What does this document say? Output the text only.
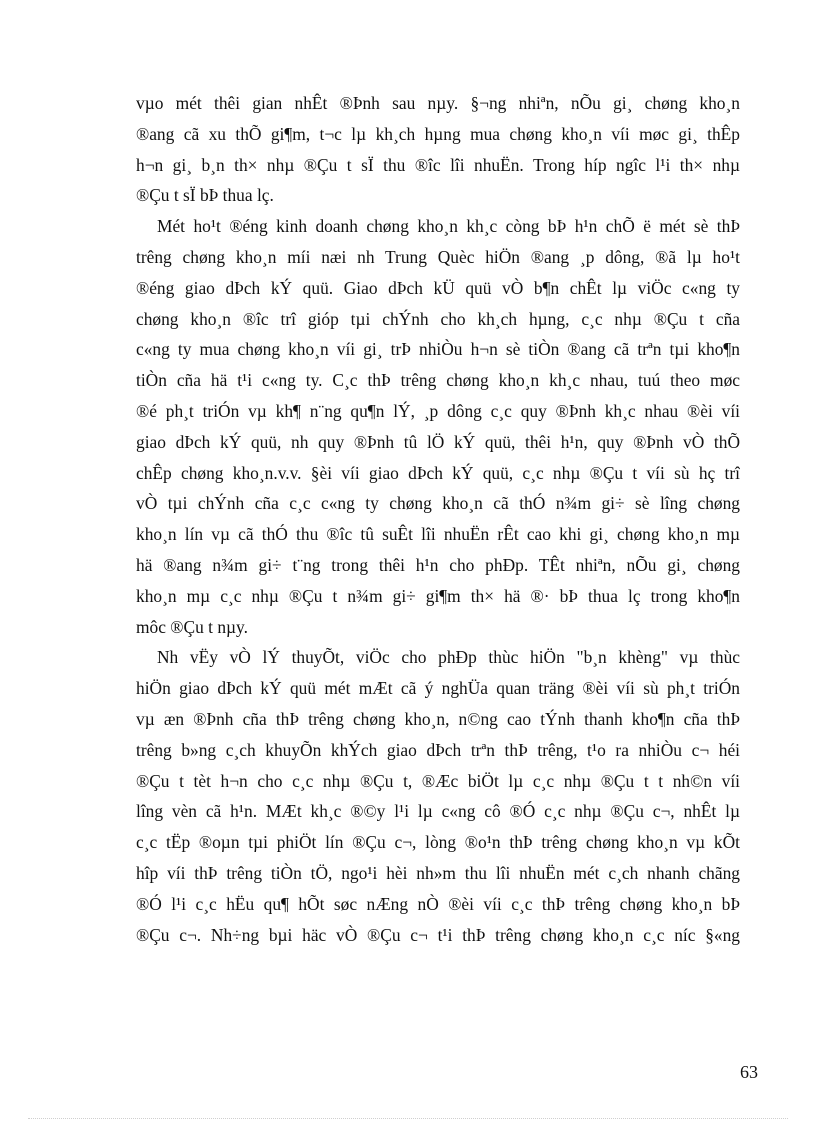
vµo mét thêi gian nhÊt ®Þnh sau nµy. §¬ng nhiªn, nÕu gi¸ chøng kho¸n
®ang cã xu thÕ gi¶m, t¬c lµ kh¸ch hµng mua chøng kho¸n víi møc gi¸ thÊp
h¬n gi¸ b¸n th× nhµ ®Çu t sÏ thu ®îc lîi nhuËn. Trong híp ngîc l¹i th× nhµ
®Çu t sÏ bÞ thua lç.
Mét ho¹t ®éng kinh doanh chøng kho¸n kh¸c còng bÞ h¹n chÕ ë mét sè thÞ
trêng chøng kho¸n míi næi nh Trung Quèc hiÖn ®ang ¸p dông, ®ã lµ ho¹t
®éng giao dÞch kÝ quü. Giao dÞch kÜ quü vÒ b¶n chÊt lµ viÖc c«ng ty
chøng kho¸n ®îc trî gióp tµi chÝnh cho kh¸ch hµng, c¸c nhµ ®Çu t cña
c«ng ty mua chøng kho¸n víi gi¸ trÞ nhiÒu h¬n sè tiÒn ®ang cã trªn tµi kho¶n
tiÒn cña hä t¹i c«ng ty. C¸c thÞ trêng chøng kho¸n kh¸c nhau, tuú theo møc
®é ph¸t triÓn vµ kh¶ n¨ng qu¶n lÝ, ¸p dông c¸c quy ®Þnh kh¸c nhau ®èi víi
giao dÞch kÝ quü, nh quy ®Þnh tû lÖ kÝ quü, thêi h¹n, quy ®Þnh vÒ thÕ
chÊp chøng kho¸n.v.v. §èi víi giao dÞch kÝ quü, c¸c nhµ ®Çu t víi sù hç trî
vÒ tµi chÝnh cña c¸c c«ng ty chøng kho¸n cã thÓ n¾m gi÷ sè lîng chøng
kho¸n lín vµ cã thÓ thu ®îc tû suÊt lîi nhuËn rÊt cao khi gi¸ chøng kho¸n mµ
hä ®ang n¾m gi÷ t¨ng trong thêi h¹n cho phÐp. TÊt nhiªn, nÕu gi¸ chøng
kho¸n mµ c¸c nhµ ®Çu t n¾m gi÷ gi¶m th× hä ®· bÞ thua lç trong kho¶n
môc ®Çu t nµy.
Nh vËy vÒ lÝ thuyÕt, viÖc cho phÐp thùc hiÖn "b¸n khèng" vµ thùc
hiÖn giao dÞch kÝ quü mét mÆt cã ý nghÜa quan träng ®èi víi sù ph¸t triÓn
vµ æn ®Þnh cña thÞ trêng chøng kho¸n, n©ng cao tÝnh thanh kho¶n cña thÞ
trêng b»ng c¸ch khuyÕn khÝch giao dÞch trªn thÞ trêng, t¹o ra nhiÒu c¬ héi
®Çu t tèt h¬n cho c¸c nhµ ®Çu t, ®Æc biÖt lµ c¸c nhµ ®Çu t t nh©n víi
lîng vèn cã h¹n. MÆt kh¸c ®©y l¹i lµ c«ng cô ®Ó c¸c nhµ ®Çu c¬, nhÊt lµ
c¸c tËp ®oµn tµi phiÖt lín ®Çu c¬, lòng ®o¹n thÞ trêng chøng kho¸n vµ kÕt
hîp víi thÞ trêng tiÒn tÖ, ngo¹i hèi nh»m thu lîi nhuËn mét c¸ch nhanh chãng
®Ó l¹i c¸c hËu qu¶ hÕt søc nÆng nÒ ®èi víi c¸c thÞ trêng chøng kho¸n bÞ
®Çu c¬. Nh÷ng bµi häc vÒ ®Çu c¬ t¹i thÞ trêng chøng kho¸n c¸c níc §«ng
63
